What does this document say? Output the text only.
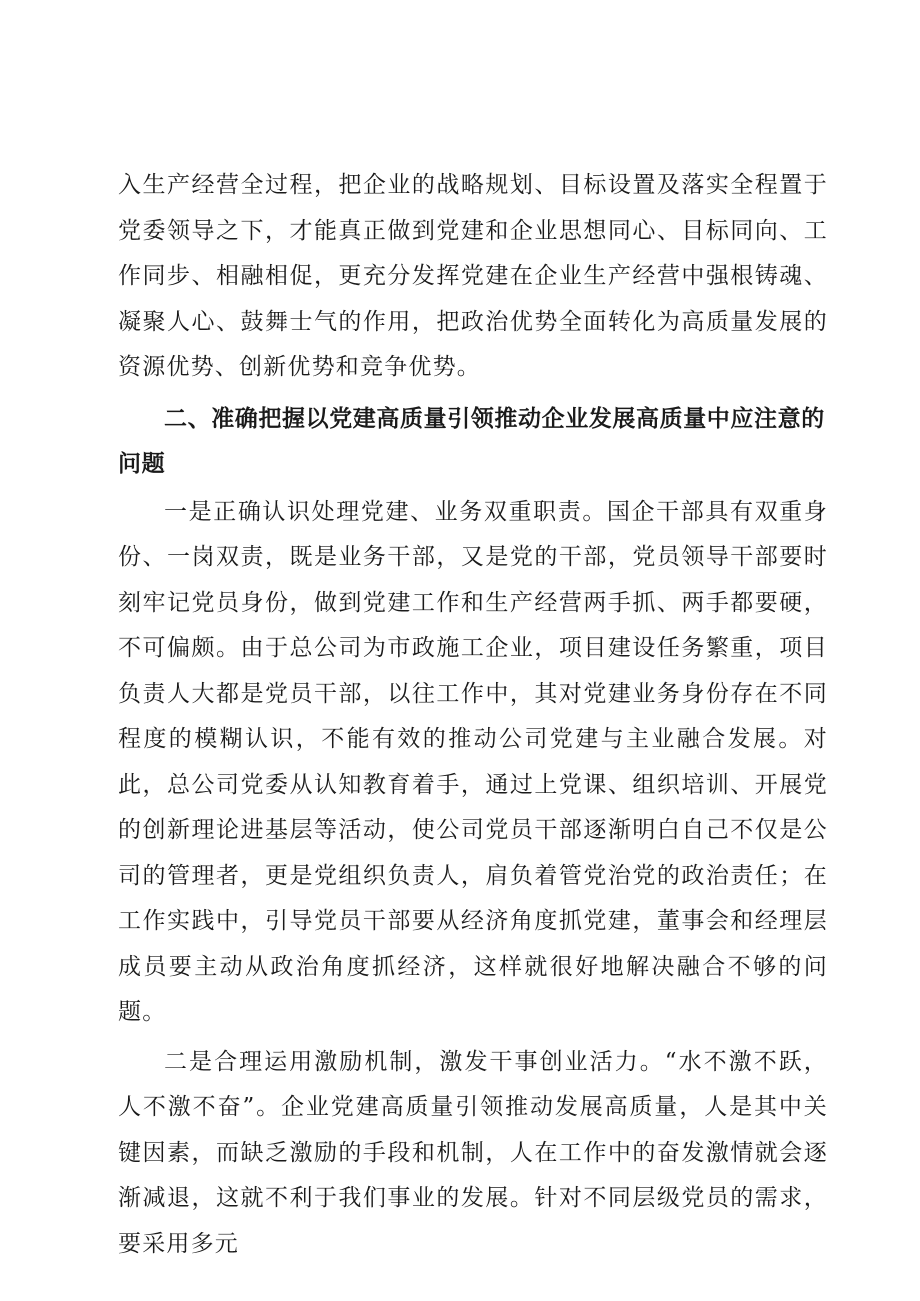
入生产经营全过程，把企业的战略规划、目标设置及落实全程置于党委领导之下，才能真正做到党建和企业思想同心、目标同向、工作同步、相融相促，更充分发挥党建在企业生产经营中强根铸魂、凝聚人心、鼓舞士气的作用，把政治优势全面转化为高质量发展的资源优势、创新优势和竞争优势。

二、准确把握以党建高质量引领推动企业发展高质量中应注意的问题

一是正确认识处理党建、业务双重职责。国企干部具有双重身份、一岗双责，既是业务干部，又是党的干部，党员领导干部要时刻牢记党员身份，做到党建工作和生产经营两手抓、两手都要硬，不可偏颇。由于总公司为市政施工企业，项目建设任务繁重，项目负责人大都是党员干部，以往工作中，其对党建业务身份存在不同程度的模糊认识，不能有效的推动公司党建与主业融合发展。对此，总公司党委从认知教育着手，通过上党课、组织培训、开展党的创新理论进基层等活动，使公司党员干部逐渐明白自己不仅是公司的管理者，更是党组织负责人，肩负着管党治党的政治责任；在工作实践中，引导党员干部要从经济角度抓党建，董事会和经理层成员要主动从政治角度抓经济，这样就很好地解决融合不够的问题。

二是合理运用激励机制，激发干事创业活力。“水不激不跃，人不激不奋”。企业党建高质量引领推动发展高质量，人是其中关键因素，而缺乏激励的手段和机制，人在工作中的奋发激情就会逐渐减退，这就不利于我们事业的发展。针对不同层级党员的需求，要采用多元
